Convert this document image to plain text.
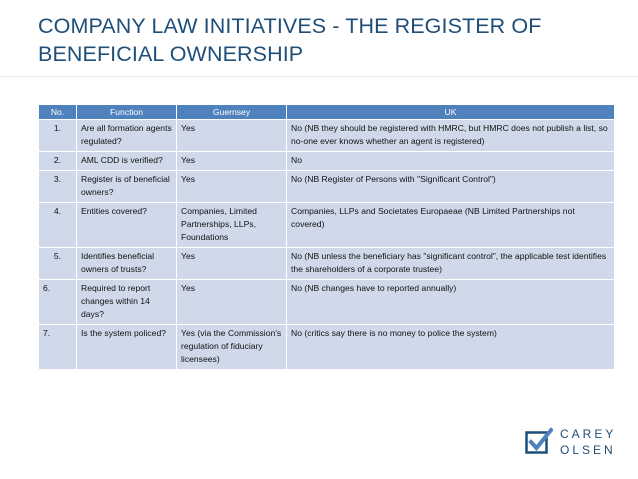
COMPANY LAW INITIATIVES - THE REGISTER OF
BENEFICIAL OWNERSHIP
No.	Function	Guernsey	UK
1.	Are all formation agents regulated?	Yes	No (NB they should be registered with HMRC, but HMRC does not publish a list, so no-one ever knows whether an agent is registered)
2.	AML CDD is verified?	Yes	No
3.	Register is of beneficial owners?	Yes	No (NB Register of Persons with "Significant Control")
4.	Entities covered?	Companies, Limited Partnerships, LLPs, Foundations	Companies, LLPs and Societates Europaeae (NB Limited Partnerships not covered)
5.	Identifies beneficial owners of trusts?	Yes	No (NB unless the beneficiary has "significant control", the applicable test identifies the shareholders of a corporate trustee)
6.	Required to report changes within 14 days?	Yes	No (NB changes have to reported annually)
7.	Is the system policed?	Yes (via the Commission's regulation of fiduciary licensees)	No (critics say there is no money to police the system)
CAREY
OLSEN
